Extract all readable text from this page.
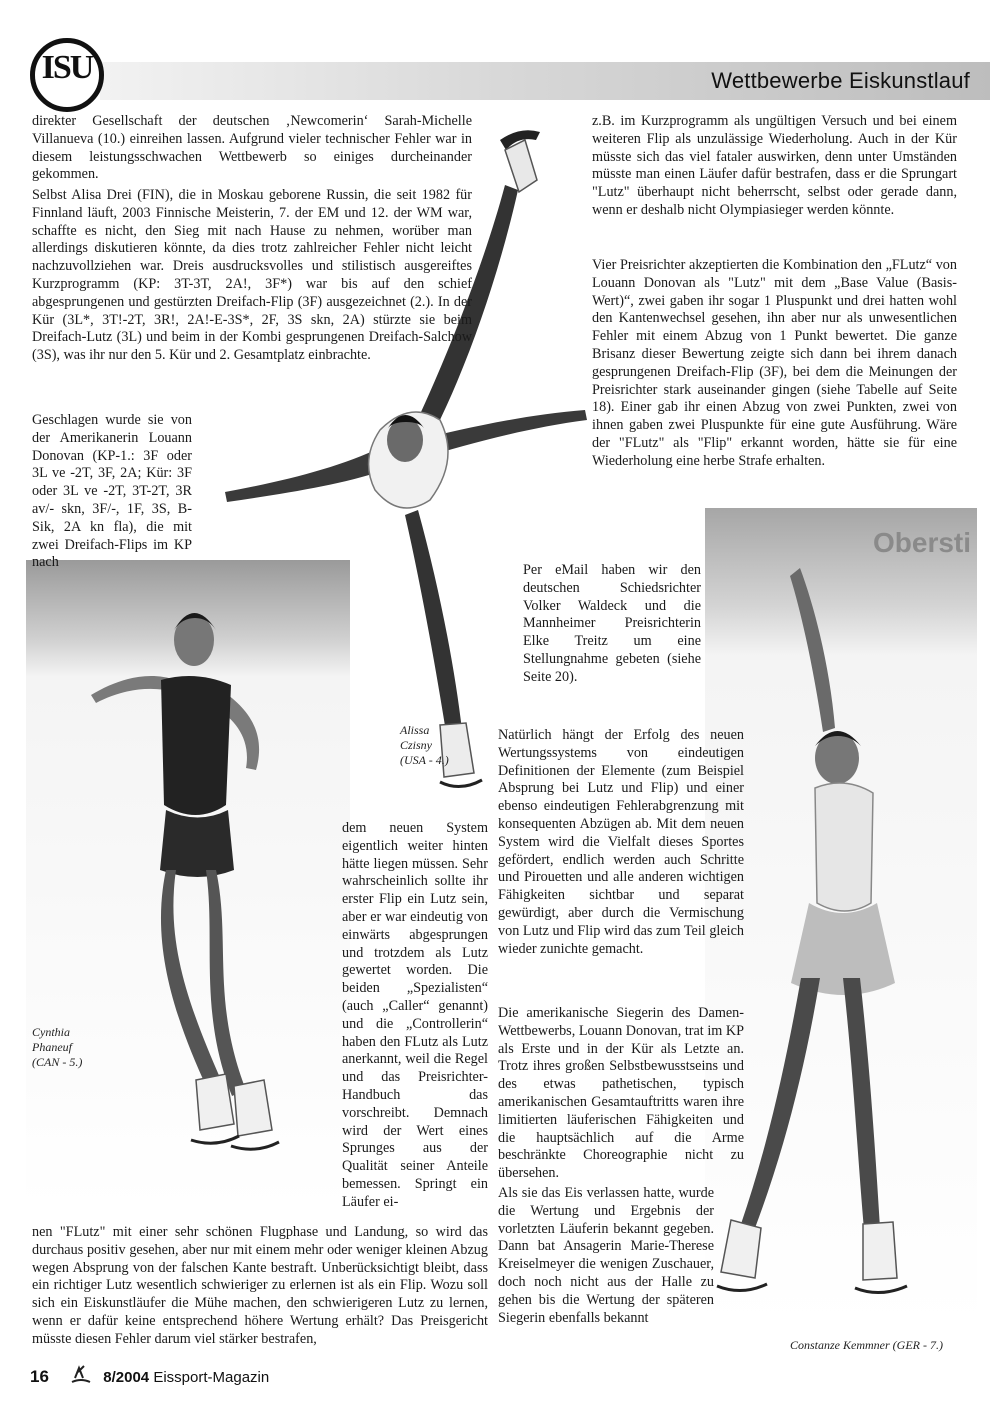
Wettbewerbe Eiskunstlauf
ISU
Obersti

direkter Gesellschaft der deutschen ‚Newcomerin‘ Sarah-Michelle Villanueva (10.) einreihen lassen. Aufgrund vieler technischer Fehler war in diesem leistungsschwachen Wettbewerb so einiges durcheinander gekommen.

Selbst Alisa Drei (FIN), die in Moskau geborene Russin, die seit 1982 für Finnland läuft, 2003 Finnische Meisterin, 7. der EM und 12. der WM war, schaffte es nicht, den Sieg mit nach Hause zu nehmen, worüber man allerdings diskutieren könnte, da dies trotz zahlreicher Fehler nicht leicht nachzuvollziehen war. Dreis ausdrucksvolles und stilistisch ausgereiftes Kurzprogramm (KP: 3T-3T, 2A!, 3F*) war bis auf den schief abgesprungenen und gestürzten Dreifach-Flip (3F) ausgezeichnet (2.). In der Kür (3L*, 3T!-2T, 3R!, 2A!-E-3S*, 2F, 3S skn, 2A) stürzte sie beim Dreifach-Lutz (3L) und beim in der Kombi gesprungenen Dreifach-Salchow (3S), was ihr nur den 5. Kür und 2. Gesamtplatz einbrachte.

Geschlagen wurde sie von der Amerikanerin Louann Donovan (KP-1.: 3F oder 3L ve -2T, 3F, 2A; Kür: 3F oder 3L ve -2T, 3T-2T, 3R av/- skn, 3F/-, 1F, 3S, B-Sik, 2A kn fla), die mit zwei Dreifach-Flips im KP nach

z.B. im Kurzprogramm als ungültigen Versuch und bei einem weiteren Flip als unzulässige Wiederholung. Auch in der Kür müsste sich das viel fataler auswirken, denn unter Umständen müsste man einen Läufer dafür bestrafen, dass er die Sprungart "Lutz" überhaupt nicht beherrscht, selbst oder gerade dann, wenn er deshalb nicht Olympiasieger werden könnte.

Vier Preisrichter akzeptierten die Kombination den „FLutz“ von Louann Donovan als "Lutz" mit dem „Base Value (Basis-Wert)“, zwei gaben ihr sogar 1 Pluspunkt und drei hatten wohl den Kantenwechsel gesehen, ihn aber nur als unwesentlichen Fehler mit einem Abzug von 1 Punkt bewertet. Die ganze Brisanz dieser Bewertung zeigte sich dann bei ihrem danach gesprungenen Dreifach-Flip (3F), bei dem die Meinungen der Preisrichter stark auseinander gingen (siehe Tabelle auf Seite 18). Einer gab ihr einen Abzug von zwei Punkten, zwei von ihnen gaben zwei Pluspunkte für eine gute Ausführung. Wäre der "FLutz" als "Flip" erkannt worden, hätte sie für eine Wiederholung eine herbe Strafe erhalten.

Per eMail haben wir den deutschen Schiedsrichter Volker Waldeck und die Mannheimer Preisrichterin Elke Treitz um eine Stellungnahme gebeten (siehe Seite 20).

dem neuen System eigentlich weiter hinten hätte liegen müssen. Sehr wahrscheinlich sollte ihr erster Flip ein Lutz sein, aber er war eindeutig von einwärts abgesprungen und trotzdem als Lutz gewertet worden. Die beiden „Spezialisten“ (auch „Caller“ genannt) und die „Controllerin“ haben den FLutz als Lutz anerkannt, weil die Regel und das Preisrichter-Handbuch das vorschreibt. Demnach wird der Wert eines Sprunges aus der Qualität seiner Anteile bemessen. Springt ein Läufer ei-

Natürlich hängt der Erfolg des neuen Wertungssystems von eindeutigen Definitionen der Elemente (zum Beispiel Absprung bei Lutz und Flip) und einer ebenso eindeutigen Fehlerabgrenzung mit konsequenten Abzügen ab. Mit dem neuen System wird die Vielfalt dieses Sportes gefördert, endlich werden auch Schritte und Pirouetten und alle anderen wichtigen Fähigkeiten sichtbar und separat gewürdigt, aber durch die Vermischung von Lutz und Flip wird das zum Teil gleich wieder zunichte gemacht.

Die amerikanische Siegerin des Damen-Wettbewerbs, Louann Donovan, trat im KP als Erste und in der Kür als Letzte an. Trotz ihres großen Selbstbewusstseins und des etwas pathetischen, typisch amerikanischen Gesamtauftritts waren ihre limitierten läuferischen Fähigkeiten und die hauptsächlich auf die Arme beschränkte Choreographie nicht zu übersehen.

Als sie das Eis verlassen hatte, wurde die Wertung und Ergebnis der vorletzten Läuferin bekannt gegeben. Dann bat Ansagerin Marie-Therese Kreiselmeyer die wenigen Zuschauer, doch noch nicht aus der Halle zu gehen bis die Wertung der späteren Siegerin ebenfalls bekannt

nen "FLutz" mit einer sehr schönen Flugphase und Landung, so wird das durchaus positiv gesehen, aber nur mit einem mehr oder weniger kleinen Abzug wegen Absprung von der falschen Kante bestraft. Unberücksichtigt bleibt, dass ein richtiger Lutz wesentlich schwieriger zu erlernen ist als ein Flip. Wozu soll sich ein Eiskunstläufer die Mühe machen, den schwierigeren Lutz zu lernen, wenn er dafür keine entsprechend höhere Wertung erhält? Das Preisgericht müsste diesen Fehler darum viel stärker bestrafen,

Alissa
Czisny
(USA - 4.)
Cynthia
Phaneuf
(CAN - 5.)
Constanze Kemmner (GER - 7.)
16	8/2004 Eissport-Magazin
